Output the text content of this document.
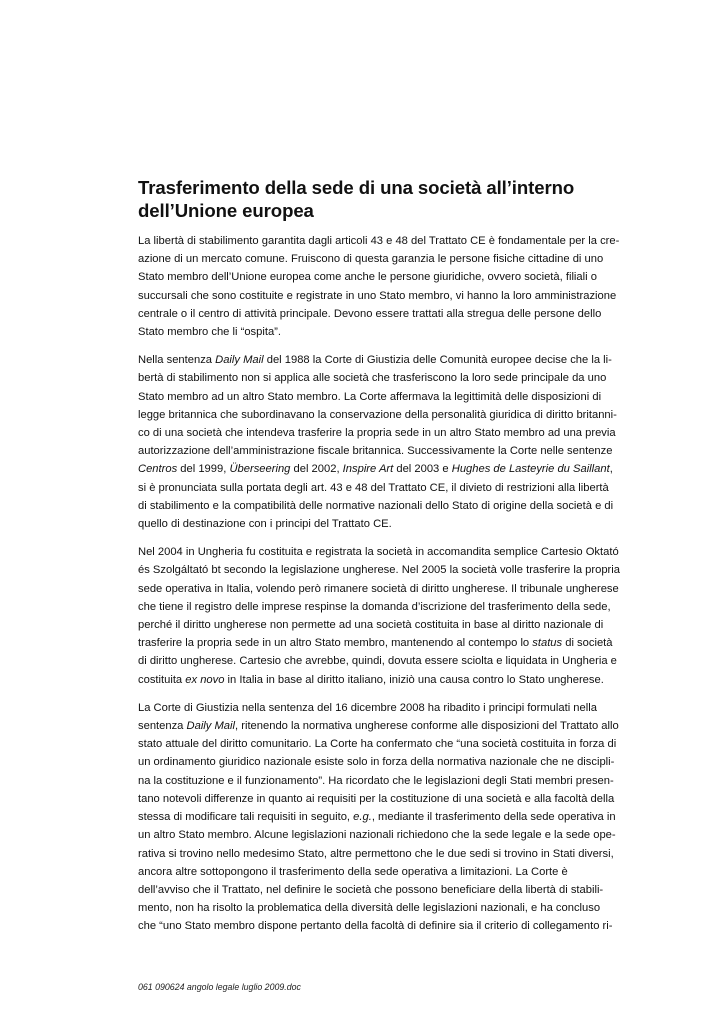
Trasferimento della sede di una società all’interno
dell’Unione europea

La libertà di stabilimento garantita dagli articoli 43 e 48 del Trattato CE è fondamentale per la cre-
azione di un mercato comune. Fruiscono di questa garanzia le persone fisiche cittadine di uno
Stato membro dell’Unione europea come anche le persone giuridiche, ovvero società, filiali o
succursali che sono costituite e registrate in uno Stato membro, vi hanno la loro amministrazione
centrale o il centro di attività principale. Devono essere trattati alla stregua delle persone dello
Stato membro che li “ospita”.

Nella sentenza Daily Mail del 1988 la Corte di Giustizia delle Comunità europee decise che la li-
bertà di stabilimento non si applica alle società che trasferiscono la loro sede principale da uno
Stato membro ad un altro Stato membro. La Corte affermava la legittimità delle disposizioni di
legge britannica che subordinavano la conservazione della personalità giuridica di diritto britanni-
co di una società che intendeva trasferire la propria sede in un altro Stato membro ad una previa
autorizzazione dell’amministrazione fiscale britannica. Successivamente la Corte nelle sentenze
Centros del 1999, Überseering del 2002, Inspire Art del 2003 e Hughes de Lasteyrie du Saillant,
si è pronunciata sulla portata degli art. 43 e 48 del Trattato CE, il divieto di restrizioni alla libertà
di stabilimento e la compatibilità delle normative nazionali dello Stato di origine della società e di
quello di destinazione con i principi del Trattato CE.

Nel 2004 in Ungheria fu costituita e registrata la società in accomandita semplice Cartesio Oktató
és Szolgáltató bt secondo la legislazione ungherese. Nel 2005 la società volle trasferire la propria
sede operativa in Italia, volendo però rimanere società di diritto ungherese. Il tribunale ungherese
che tiene il registro delle imprese respinse la domanda d’iscrizione del trasferimento della sede,
perché il diritto ungherese non permette ad una società costituita in base al diritto nazionale di
trasferire la propria sede in un altro Stato membro, mantenendo al contempo lo status di società
di diritto ungherese. Cartesio che avrebbe, quindi, dovuta essere sciolta e liquidata in Ungheria e
costituita ex novo in Italia in base al diritto italiano, iniziò una causa contro lo Stato ungherese.

La Corte di Giustizia nella sentenza del 16 dicembre 2008 ha ribadito i principi formulati nella
sentenza Daily Mail, ritenendo la normativa ungherese conforme alle disposizioni del Trattato allo
stato attuale del diritto comunitario. La Corte ha confermato che “una società costituita in forza di
un ordinamento giuridico nazionale esiste solo in forza della normativa nazionale che ne discipli-
na la costituzione e il funzionamento”. Ha ricordato che le legislazioni degli Stati membri presen-
tano notevoli differenze in quanto ai requisiti per la costituzione di una società e alla facoltà della
stessa di modificare tali requisiti in seguito, e.g., mediante il trasferimento della sede operativa in
un altro Stato membro. Alcune legislazioni nazionali richiedono che la sede legale e la sede ope-
rativa si trovino nello medesimo Stato, altre permettono che le due sedi si trovino in Stati diversi,
ancora altre sottopongono il trasferimento della sede operativa a limitazioni. La Corte è
dell’avviso che il Trattato, nel definire le società che possono beneficiare della libertà di stabili-
mento, non ha risolto la problematica della diversità delle legislazioni nazionali, e ha concluso
che “uno Stato membro dispone pertanto della facoltà di definire sia il criterio di collegamento ri-

061 090624 angolo legale luglio 2009.doc
